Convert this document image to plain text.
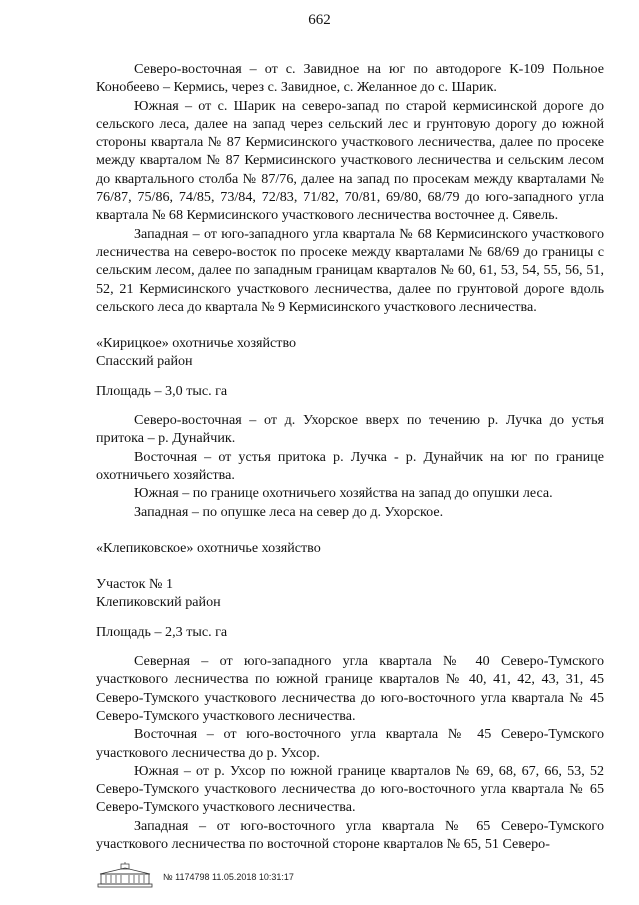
662

Северо-восточная – от с. Завидное на юг по автодороге К-109 Польное Конобеево – Кермись, через с. Завидное, с. Желанное до с. Шарик.

Южная – от с. Шарик на северо-запад по старой кермисинской дороге до сельского леса, далее на запад через сельский лес и грунтовую дорогу до южной стороны квартала № 87 Кермисинского участкового лесничества, далее по просеке между кварталом № 87 Кермисинского участкового лесничества и сельским лесом до квартального столба № 87/76, далее на запад по просекам между кварталами № 76/87, 75/86, 74/85, 73/84, 72/83, 71/82, 70/81, 69/80, 68/79 до юго-западного угла квартала № 68 Кермисинского участкового лесничества восточнее д. Сявель.

Западная – от юго-западного угла квартала № 68 Кермисинского участкового лесничества на северо-восток по просеке между кварталами № 68/69 до границы с сельским лесом, далее по западным границам кварталов № 60, 61, 53, 54, 55, 56, 51, 52, 21 Кермисинского участкового лесничества, далее по грунтовой дороге вдоль сельского леса до квартала № 9 Кермисинского участкового лесничества.

«Кирицкое» охотничье хозяйство

Спасский район

Площадь – 3,0 тыс. га

Северо-восточная – от д. Ухорское вверх по течению р. Лучка до устья притока – р. Дунайчик.

Восточная – от устья притока р. Лучка - р. Дунайчик на юг по границе охотничьего хозяйства.

Южная – по границе охотничьего хозяйства на запад до опушки леса.

Западная – по опушке леса на север до д. Ухорское.

«Клепиковское» охотничье хозяйство

Участок № 1

Клепиковский район

Площадь – 2,3 тыс. га

Северная – от юго-западного угла квартала № 40 Северо-Тумского участкового лесничества по южной границе кварталов № 40, 41, 42, 43, 31, 45 Северо-Тумского участкового лесничества до юго-восточного угла квартала № 45 Северо-Тумского участкового лесничества.

Восточная – от юго-восточного угла квартала № 45 Северо-Тумского участкового лесничества до р. Ухсор.

Южная – от р. Ухсор по южной границе кварталов № 69, 68, 67, 66, 53, 52 Северо-Тумского участкового лесничества до юго-восточного угла квартала № 65 Северо-Тумского участкового лесничества.

Западная – от юго-восточного угла квартала № 65 Северо-Тумского участкового лесничества по восточной стороне кварталов № 65, 51 Северо-

№ 1174798 11.05.2018 10:31:17
